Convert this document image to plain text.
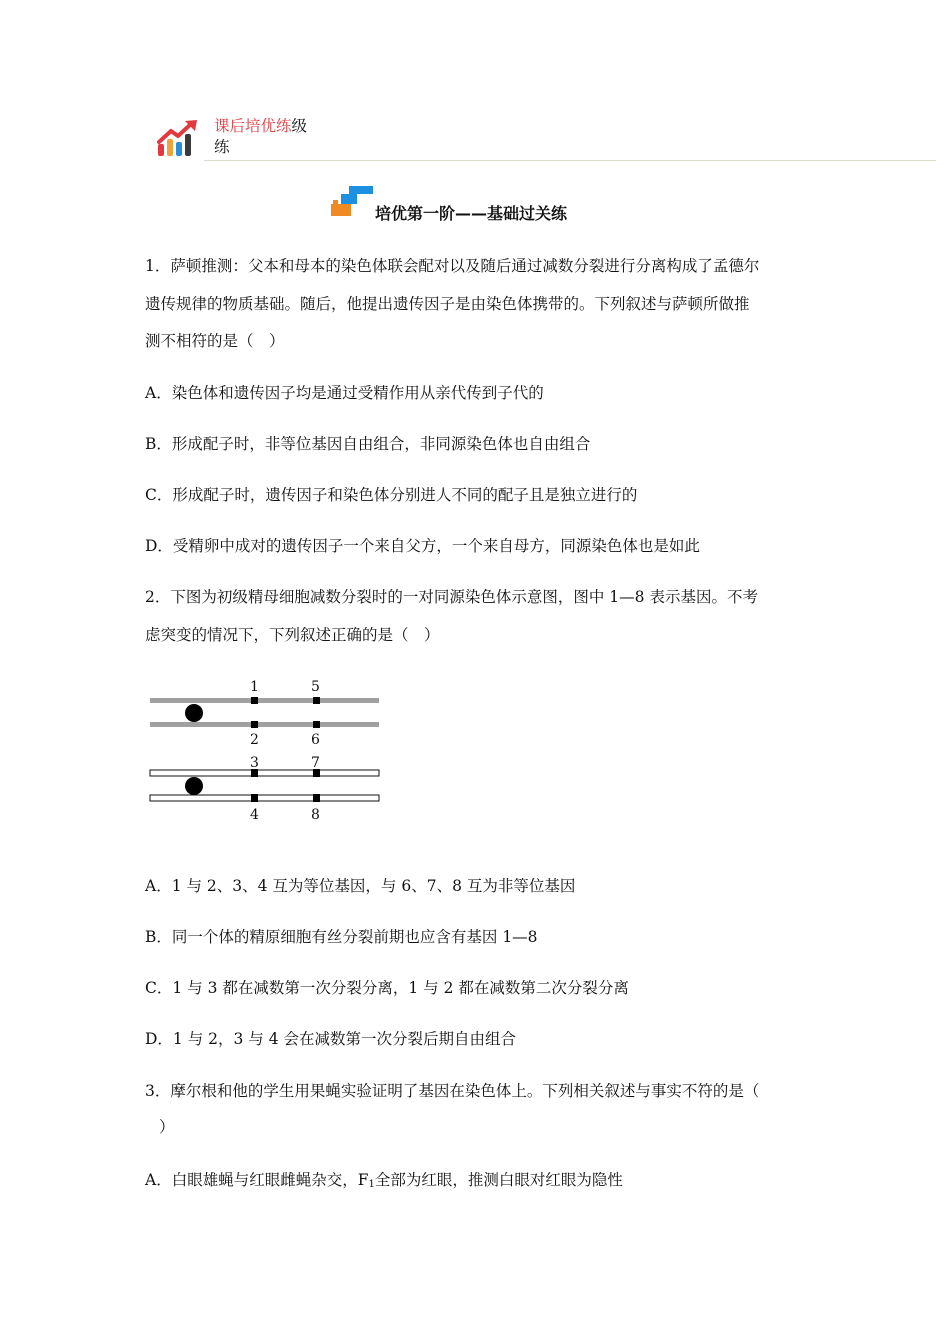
课后培优练级
练
培优第一阶——基础过关练
1．萨顿推测：父本和母本的染色体联会配对以及随后通过减数分裂进行分离构成了孟德尔
遗传规律的物质基础。随后，他提出遗传因子是由染色体携带的。下列叙述与萨顿所做推
测不相符的是（　）
A．染色体和遗传因子均是通过受精作用从亲代传到子代的
B．形成配子时，非等位基因自由组合，非同源染色体也自由组合
C．形成配子时，遗传因子和染色体分别进人不同的配子且是独立进行的
D．受精卵中成对的遗传因子一个来自父方，一个来自母方，同源染色体也是如此
2．下图为初级精母细胞减数分裂时的一对同源染色体示意图，图中 1—8 表示基因。不考
虑突变的情况下，下列叙述正确的是（　）
1	5
2	6
3	7
4	8
A．1 与 2、3、4 互为等位基因，与 6、7、8 互为非等位基因
B．同一个体的精原细胞有丝分裂前期也应含有基因 1—8
C．1 与 3 都在减数第一次分裂分离，1 与 2 都在减数第二次分裂分离
D．1 与 2，3 与 4 会在减数第一次分裂后期自由组合
3．摩尔根和他的学生用果蝇实验证明了基因在染色体上。下列相关叙述与事实不符的是（
）
A．白眼雄蝇与红眼雌蝇杂交，$F_1$全部为红眼，推测白眼对红眼为隐性
